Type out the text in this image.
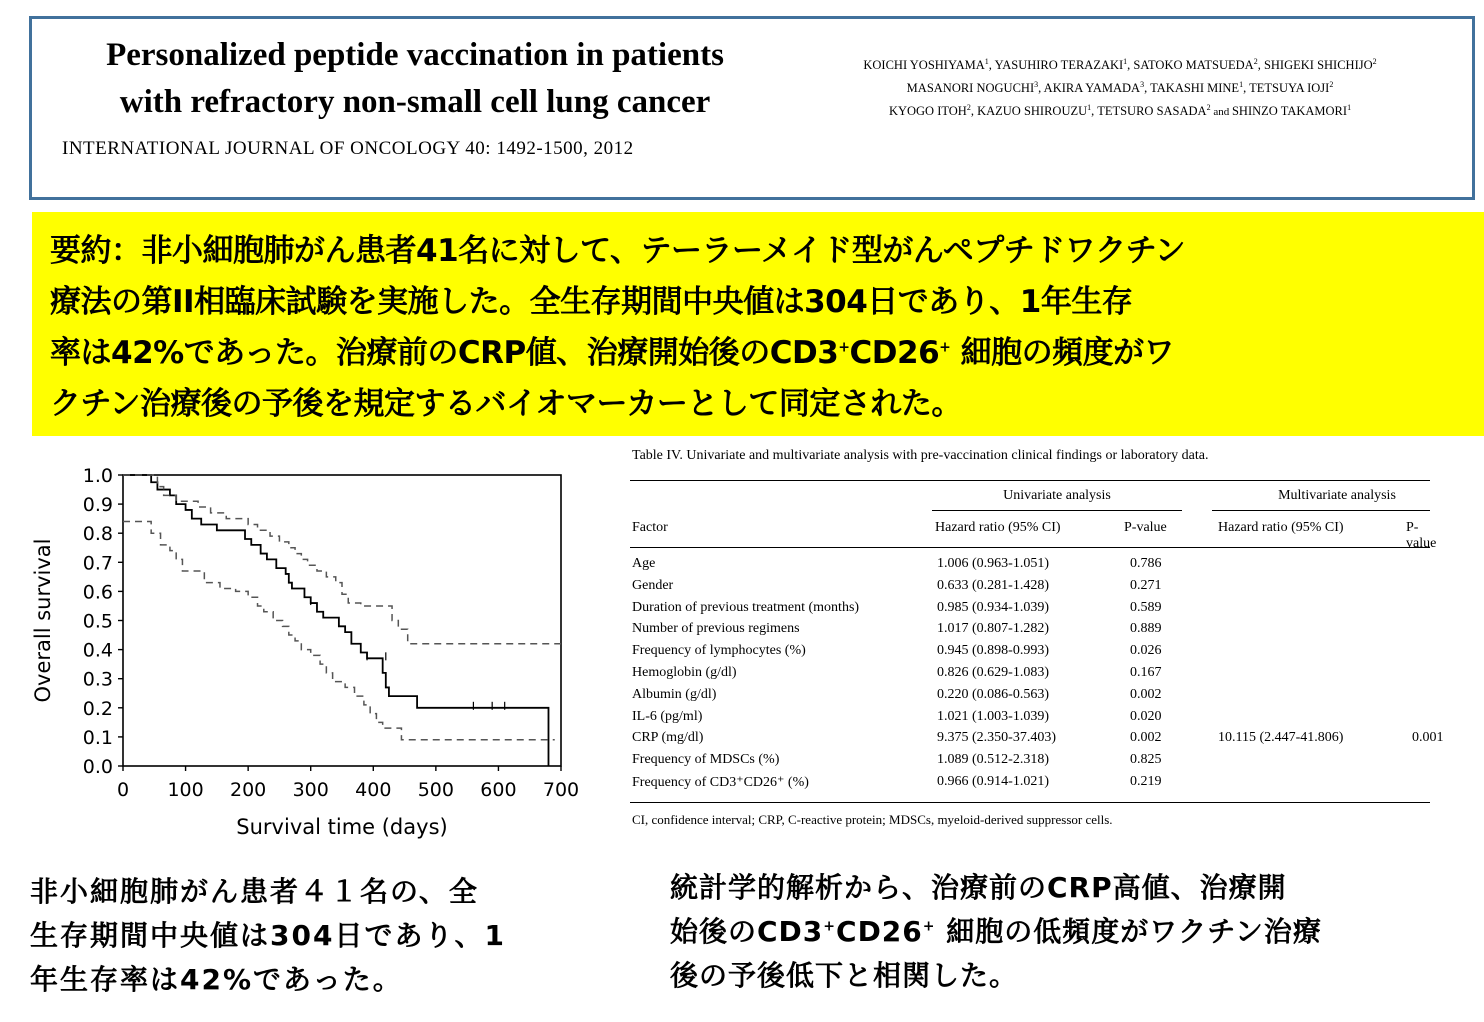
Personalized peptide vaccination in patients
with refractory non-small cell lung cancer
INTERNATIONAL JOURNAL OF ONCOLOGY 40: 1492-1500, 2012
KOICHI YOSHIYAMA$^1$, YASUHIRO TERAZAKI$^1$, SATOKO MATSUEDA$^2$, SHIGEKI SHICHIJO$^2$
MASANORI NOGUCHI$^3$, AKIRA YAMADA$^3$, TAKASHI MINE$^1$, TETSUYA IOJI$^2$
KYOGO ITOH$^2$, KAZUO SHIROUZU$^1$, TETSURO SASADA$^2$ and SHINZO TAKAMORI$^1$
要約：非小細胞肺がん患者41名に対して、テーラーメイド型がんペプチドワクチン
療法の第II相臨床試験を実施した。全生存期間中央値は304日であり、1年生存
率は42%であった。治療前のCRP値、治療開始後のCD3+CD26+ 細胞の頻度がワ
クチン治療後の予後を規定するバイオマーカーとして同定された。
0.0
0.1
0.2
0.3
0.4
0.5
0.6
0.7
0.8
0.9
1.0
0 100 200 300 400 500 600 700
Survival time (days)
Overall survival
Table IV. Univariate and multivariate analysis with pre-vaccination clinical findings or laboratory data.
Univariate analysis	Multivariate analysis
Factor	Hazard ratio (95% CI)	P-value	Hazard ratio (95% CI)	P-value
Age	1.006 (0.963-1.051)	0.786
Gender	0.633 (0.281-1.428)	0.271
Duration of previous treatment (months)	0.985 (0.934-1.039)	0.589
Number of previous regimens	1.017 (0.807-1.282)	0.889
Frequency of lymphocytes (%)	0.945 (0.898-0.993)	0.026
Hemoglobin (g/dl)	0.826 (0.629-1.083)	0.167
Albumin (g/dl)	0.220 (0.086-0.563)	0.002
IL-6 (pg/ml)	1.021 (1.003-1.039)	0.020
CRP (mg/dl)	9.375 (2.350-37.403)	0.002	10.115 (2.447-41.806)	0.001
Frequency of MDSCs (%)	1.089 (0.512-2.318)	0.825
Frequency of CD3⁺CD26⁺ (%)	0.966 (0.914-1.021)	0.219
CI, confidence interval; CRP, C-reactive protein; MDSCs, myeloid-derived suppressor cells.
非小細胞肺がん患者４１名の、全
生存期間中央値は304日であり、1
年生存率は42%であった。
統計学的解析から、治療前のCRP高値、治療開
始後のCD3+CD26+ 細胞の低頻度がワクチン治療
後の予後低下と相関した。
